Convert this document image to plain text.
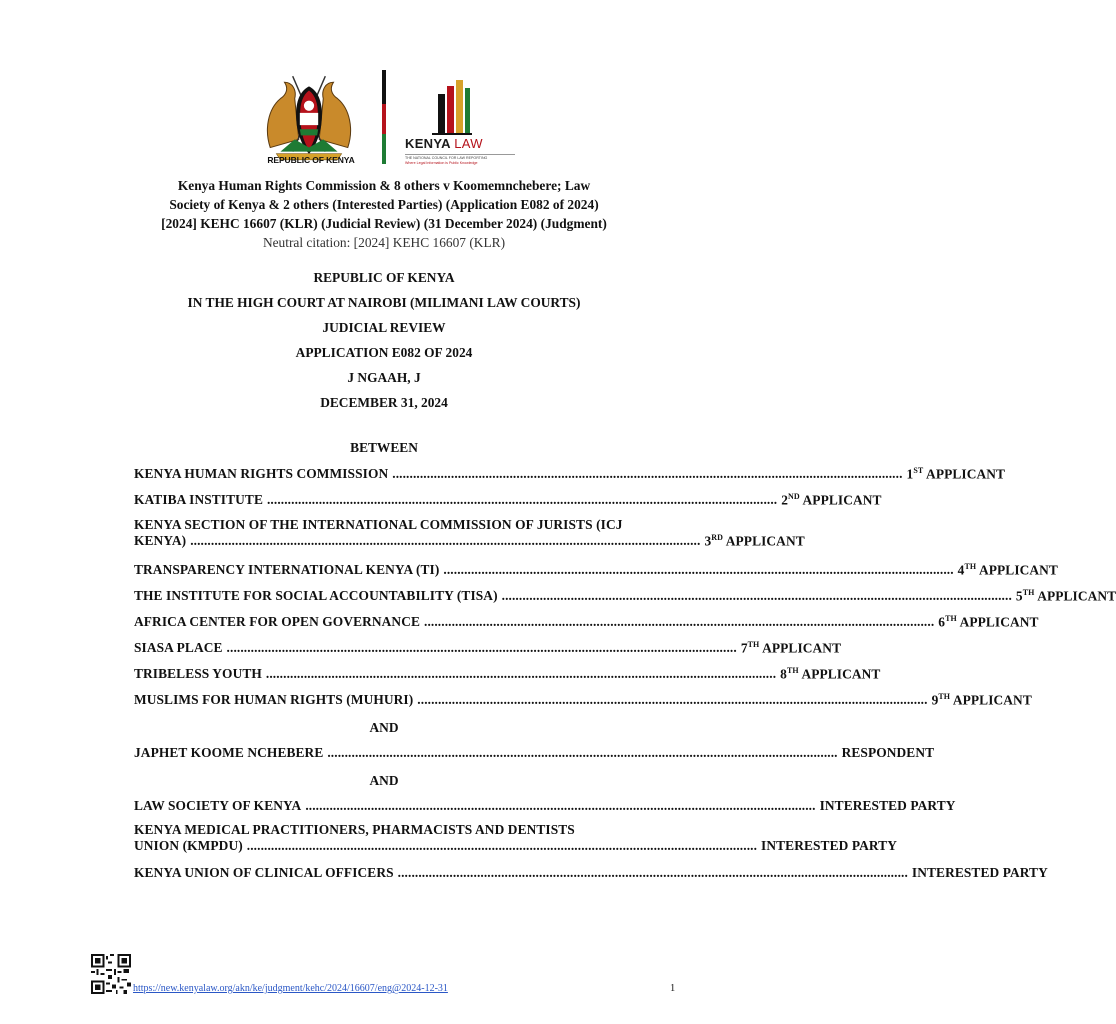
REPUBLIC OF KENYA
KENYA LAW
THE NATIONAL COUNCIL FOR LAW REPORTING
Where Legal Information is Public Knowledge
Kenya Human Rights Commission & 8 others v Koomemnchebere; Law
Society of Kenya & 2 others (Interested Parties) (Application E082 of 2024)
[2024] KEHC 16607 (KLR) (Judicial Review) (31 December 2024) (Judgment)
Neutral citation: [2024] KEHC 16607 (KLR)
REPUBLIC OF KENYA
IN THE HIGH COURT AT NAIROBI (MILIMANI LAW COURTS)
JUDICIAL REVIEW
APPLICATION E082 OF 2024
J NGAAH, J
DECEMBER 31, 2024
BETWEEN
KENYA HUMAN RIGHTS COMMISSION .................................................................................................................................................... 1ST APPLICANT
KATIBA INSTITUTE .................................................................................................................................................... 2ND APPLICANT
KENYA SECTION OF THE INTERNATIONAL COMMISSION OF JURISTS (ICJ
KENYA) .................................................................................................................................................... 3RD APPLICANT
TRANSPARENCY INTERNATIONAL KENYA (TI) .................................................................................................................................................... 4TH APPLICANT
THE INSTITUTE FOR SOCIAL ACCOUNTABILITY (TISA) .................................................................................................................................................... 5TH APPLICANT
AFRICA CENTER FOR OPEN GOVERNANCE .................................................................................................................................................... 6TH APPLICANT
SIASA PLACE .................................................................................................................................................... 7TH APPLICANT
TRIBELESS YOUTH .................................................................................................................................................... 8TH APPLICANT
MUSLIMS FOR HUMAN RIGHTS (MUHURI) .................................................................................................................................................... 9TH APPLICANT
AND
JAPHET KOOME NCHEBERE .................................................................................................................................................... RESPONDENT
AND
LAW SOCIETY OF KENYA .................................................................................................................................................... INTERESTED PARTY
KENYA MEDICAL PRACTITIONERS, PHARMACISTS AND DENTISTS
UNION (KMPDU) .................................................................................................................................................... INTERESTED PARTY
KENYA UNION OF CLINICAL OFFICERS .................................................................................................................................................... INTERESTED PARTY
https://new.kenyalaw.org/akn/ke/judgment/kehc/2024/16607/eng@2024-12-31	1
